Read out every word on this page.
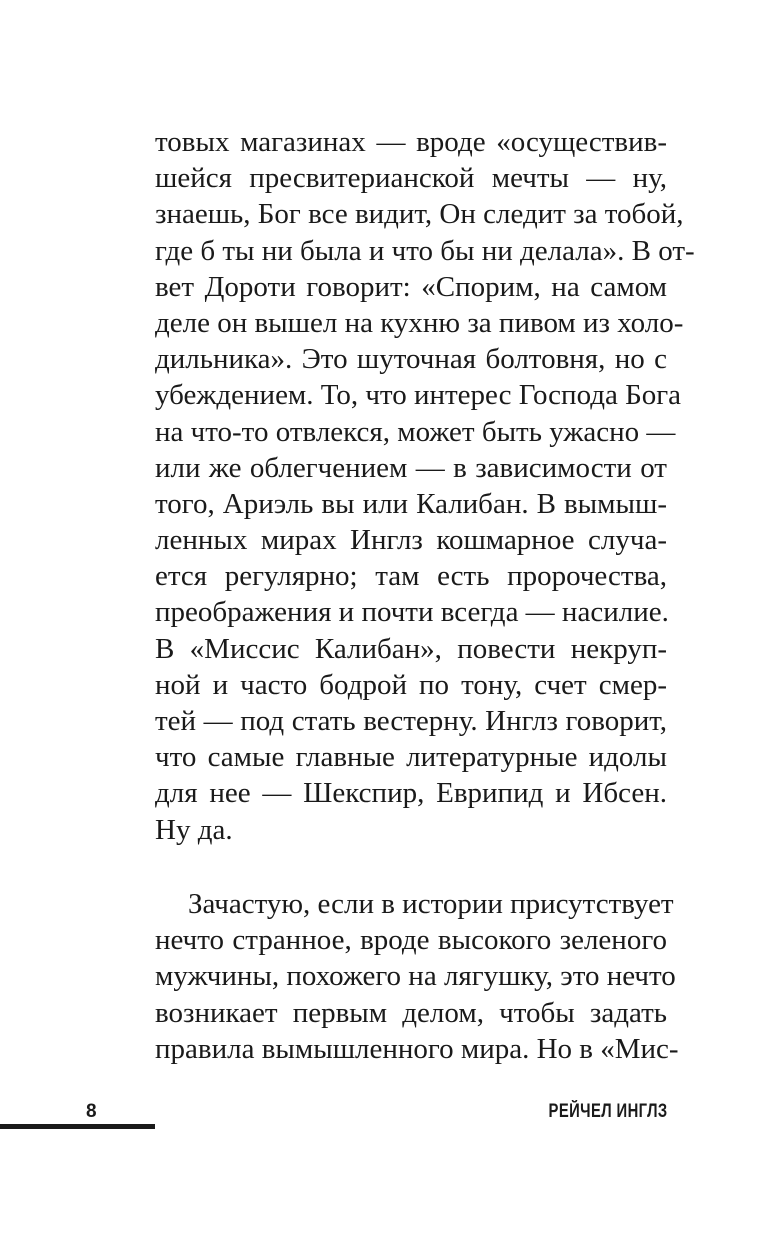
товых магазинах — вроде «осуществив-
шейся пресвитерианской мечты — ну,
знаешь, Бог все видит, Он следит за тобой,
где б ты ни была и что бы ни делала». В от-
вет Дороти говорит: «Спорим, на самом
деле он вышел на кухню за пивом из холо-
дильника». Это шуточная болтовня, но с
убеждением. То, что интерес Господа Бога
на что-то отвлекся, может быть ужасно —
или же облегчением — в зависимости от
того, Ариэль вы или Калибан. В вымыш-
ленных мирах Инглз кошмарное случа-
ется регулярно; там есть пророчества,
преображения и почти всегда — насилие.
В «Миссис Калибан», повести некруп-
ной и часто бодрой по тону, счет смер-
тей — под стать вестерну. Инглз говорит,
что самые главные литературные идолы
для нее — Шекспир, Еврипид и Ибсен.
Ну да.
Зачастую, если в истории присутствует
нечто странное, вроде высокого зеленого
мужчины, похожего на лягушку, это нечто
возникает первым делом, чтобы задать
правила вымышленного мира. Но в «Мис-
8	РЕЙЧЕЛ ИНГЛЗ
